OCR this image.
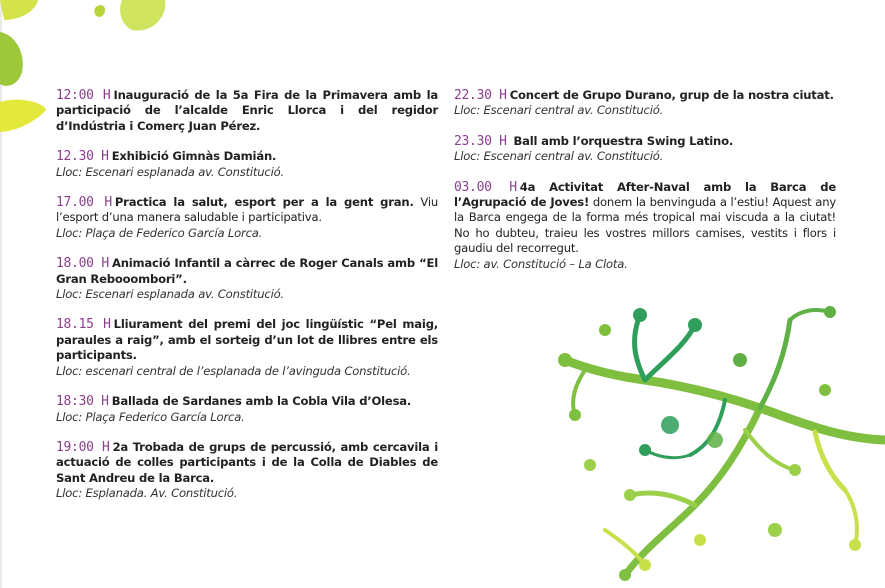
12:00 H Inauguració de la 5a Fira de la Primavera amb la participació de l’alcalde Enric Llorca i del regidor d’Indústria i Comerç Juan Pérez.
12.30 H Exhibició Gimnàs Damián.
Lloc: Escenari esplanada av. Constitució.
17.00 H Practica la salut, esport per a la gent gran. Viu l’esport d’una manera saludable i participativa.
Lloc: Plaça de Federico García Lorca.
18.00 H Animació Infantil a càrrec de Roger Canals amb “El Gran Rebooombori”.
Lloc: Escenari esplanada av. Constitució.
18.15 H Lliurament del premi del joc lingüístic “Pel maig, paraules a raig”, amb el sorteig d’un lot de llibres entre els participants.
Lloc: escenari central de l’esplanada de l’avinguda Constitució.
18:30 H Ballada de Sardanes amb la Cobla Vila d’Olesa.
Lloc: Plaça Federico García Lorca.
19:00 H 2a Trobada de grups de percussió, amb cercavila i actuació de colles participants i de la Colla de Diables de Sant Andreu de la Barca.
Lloc: Esplanada. Av. Constitució.
22.30 H Concert de Grupo Durano, grup de la nostra ciutat.
Lloc: Escenari central av. Constitució.
23.30 H Ball amb l’orquestra Swing Latino.
Lloc: Escenari central av. Constitució.
03.00 H 4a Activitat After-Naval amb la Barca de l’Agrupació de Joves! donem la benvinguda a l’estiu! Aquest any la Barca engega de la forma més tropical mai viscuda a la ciutat! No ho dubteu, traieu les vostres millors camises, vestits i flors i gaudiu del recorregut.
Lloc: av. Constitució – La Clota.
